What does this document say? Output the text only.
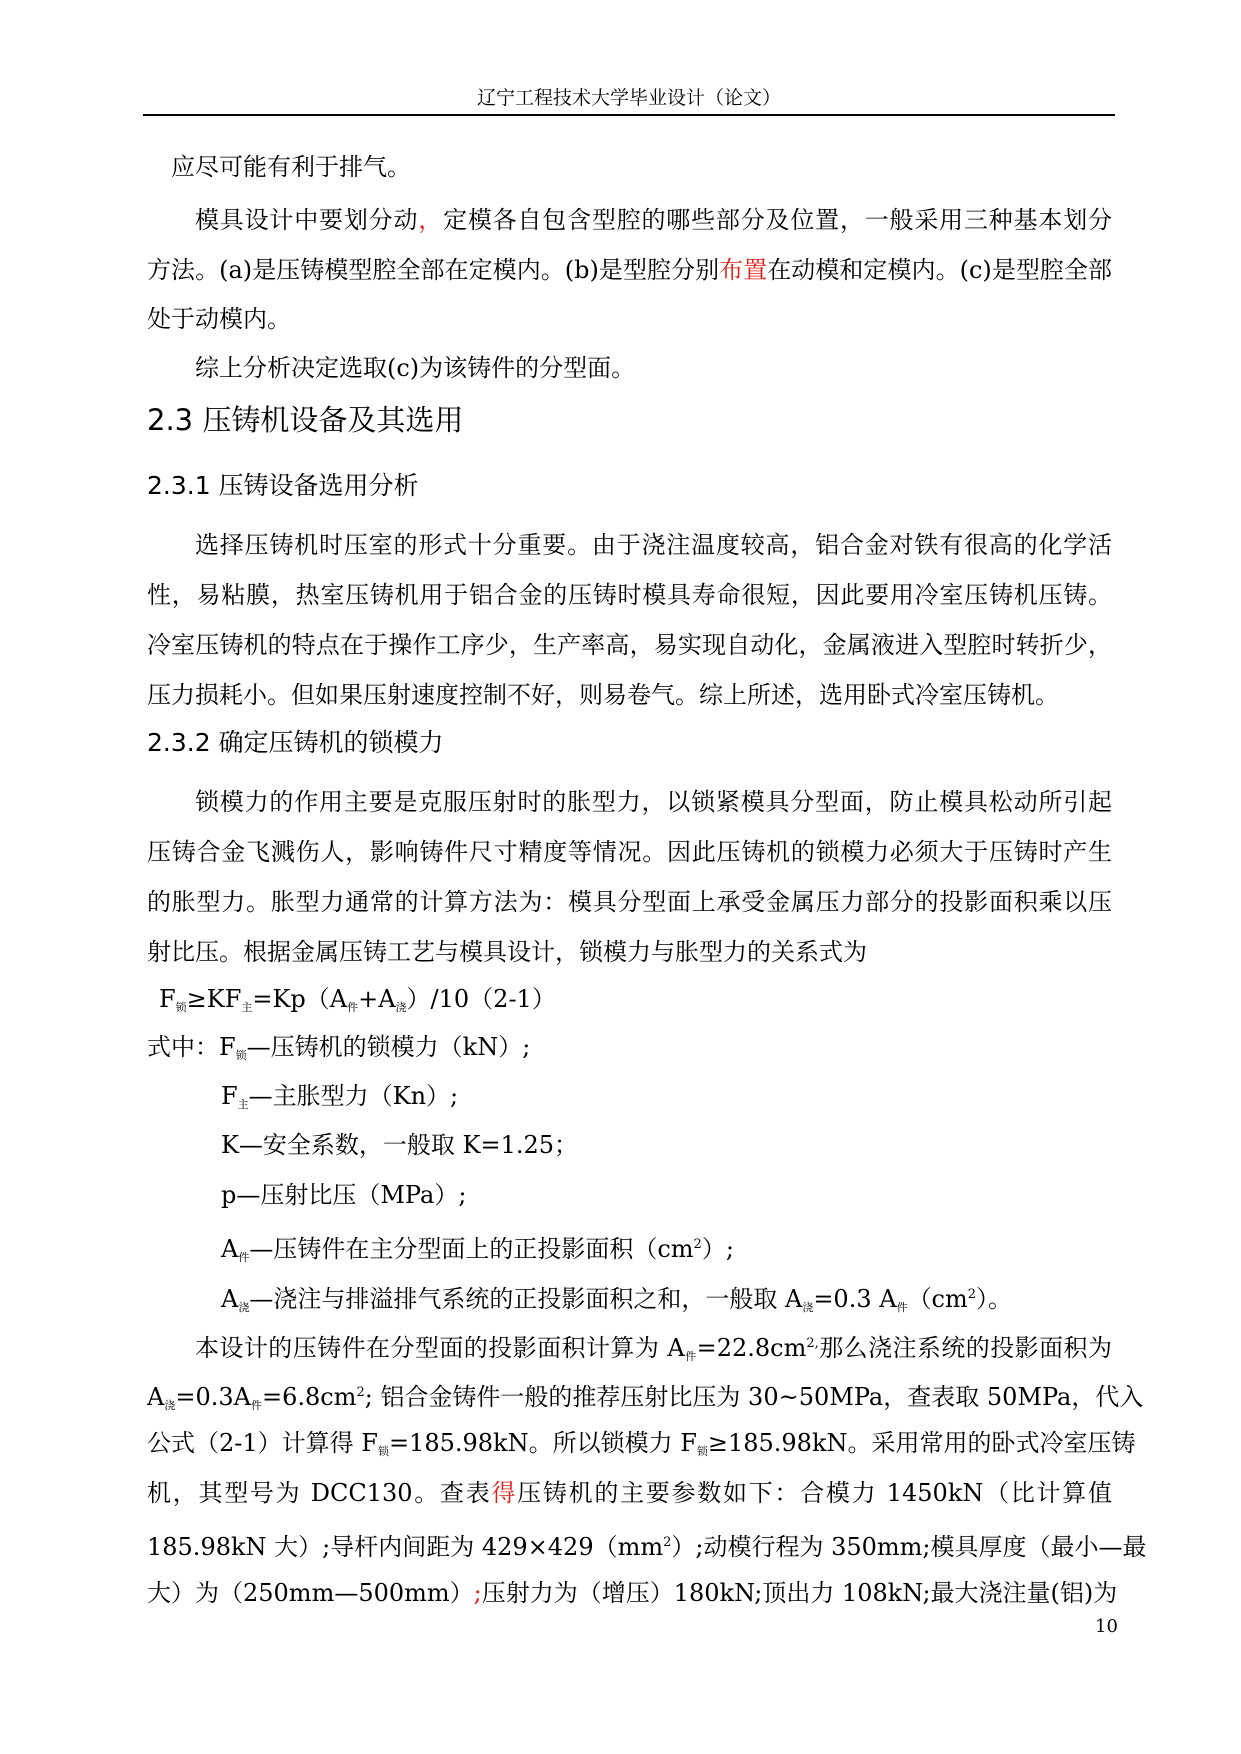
辽宁工程技术大学毕业设计（论文）
应尽可能有利于排气。
模具设计中要划分动，定模各自包含型腔的哪些部分及位置，一般采用三种基本划分
方法。(a)是压铸模型腔全部在定模内。(b)是型腔分别布置在动模和定模内。(c)是型腔全部
处于动模内。
综上分析决定选取(c)为该铸件的分型面。
2.3 压铸机设备及其选用
2.3.1 压铸设备选用分析
选择压铸机时压室的形式十分重要。由于浇注温度较高，铝合金对铁有很高的化学活
性，易粘膜，热室压铸机用于铝合金的压铸时模具寿命很短，因此要用冷室压铸机压铸。
冷室压铸机的特点在于操作工序少，生产率高，易实现自动化，金属液进入型腔时转折少，
压力损耗小。但如果压射速度控制不好，则易卷气。综上所述，选用卧式冷室压铸机。
2.3.2 确定压铸机的锁模力
锁模力的作用主要是克服压射时的胀型力，以锁紧模具分型面，防止模具松动所引起
压铸合金飞溅伤人，影响铸件尺寸精度等情况。因此压铸机的锁模力必须大于压铸时产生
的胀型力。胀型力通常的计算方法为：模具分型面上承受金属压力部分的投影面积乘以压
射比压。根据金属压铸工艺与模具设计，锁模力与胀型力的关系式为
$F_锁\ge KF_主=Kp(A_件+A_浇)/10(2-1)$
式中：$F_锁—$压铸机的锁模力（kN）;
$F_主—$主胀型力（Kn）;
K—安全系数，一般取 K=1.25；
p—压射比压（MPa）;
$A_件—$压铸件在主分型面上的正投影面积$(cm^2)$;
$A_浇—$浇注与排溢排气系统的正投影面积之和，一般取 $A_浇=0.3$ $A_件(cm^2)$。
本设计的压铸件在分型面的投影面积计算为 $A_件=22.8cm^{2,}$那么浇注系统的投影面积为
$A_浇=0.3A_件=6.8cm^2$; 铝合金铸件一般的推荐压射比压为 30~50MPa，查表取 50MPa，代入
公式（2-1）计算得 $F_锁=185.98kN$。所以锁模力 $F_锁\ge 185.98kN$。采用常用的卧式冷室压铸
机，其型号为 DCC130。查表得压铸机的主要参数如下：合模力 1450kN（比计算值
185.98kN 大）;导杆内间距为 $429\times 429(mm^2)$;动模行程为 350mm;模具厚度（最小—最
大）为（250mm—500mm）;压射力为（增压）180kN;顶出力 108kN;最大浇注量(铝)为
10
